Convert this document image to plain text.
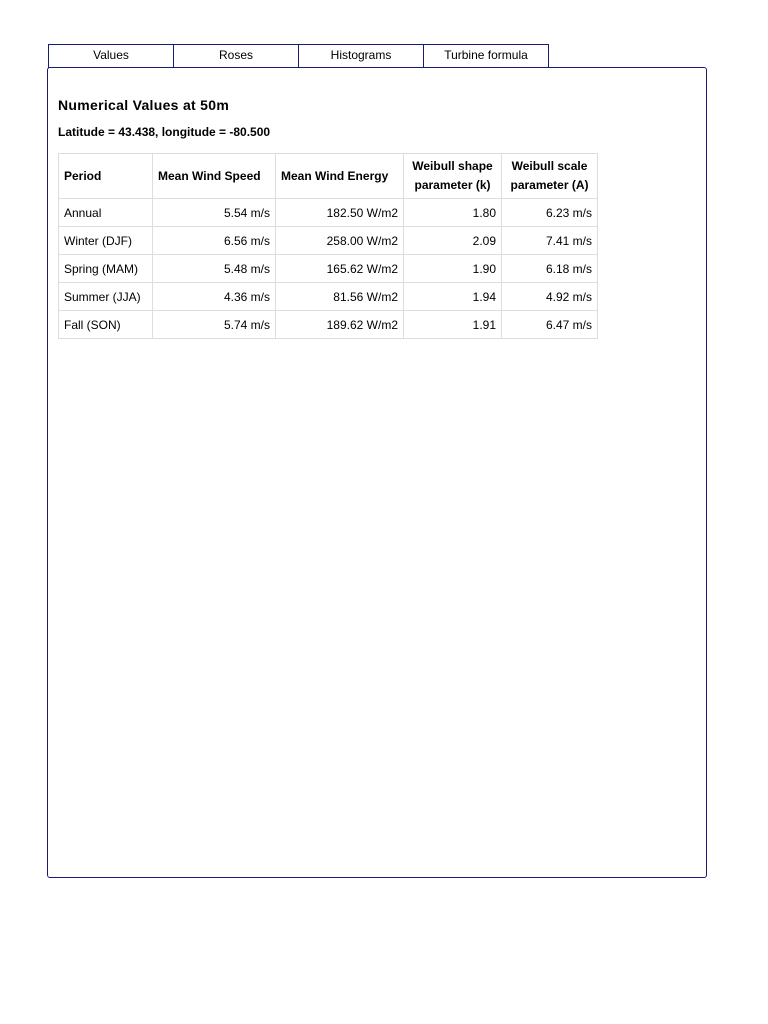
Values	Roses	Histograms	Turbine formula
Numerical Values at 50m
Latitude = 43.438, longitude = -80.500
Period	Mean Wind Speed	Mean Wind Energy	Weibull shape parameter (k)	Weibull scale parameter (A)
Annual	5.54 m/s	182.50 W/m2	1.80	6.23 m/s
Winter (DJF)	6.56 m/s	258.00 W/m2	2.09	7.41 m/s
Spring (MAM)	5.48 m/s	165.62 W/m2	1.90	6.18 m/s
Summer (JJA)	4.36 m/s	81.56 W/m2	1.94	4.92 m/s
Fall (SON)	5.74 m/s	189.62 W/m2	1.91	6.47 m/s
